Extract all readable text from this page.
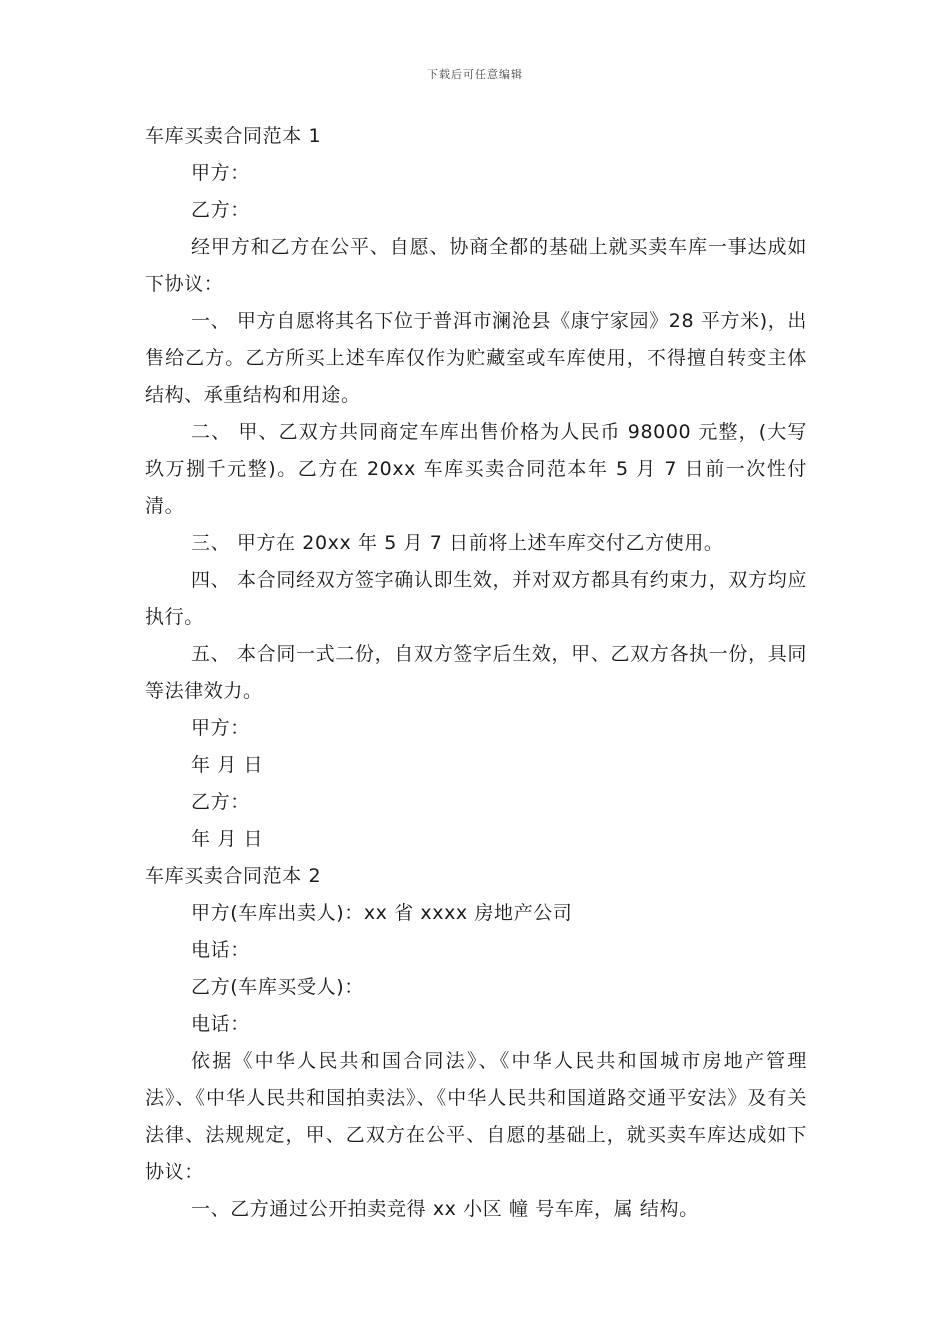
下载后可任意编辑

车库买卖合同范本 1

甲方：

乙方：

经甲方和乙方在公平、自愿、协商全都的基础上就买卖车库一事达成如下协议：

一、 甲方自愿将其名下位于普洱市澜沧县《康宁家园》28 平方米)，出售给乙方。乙方所买上述车库仅作为贮藏室或车库使用，不得擅自转变主体结构、承重结构和用途。

二、 甲、乙双方共同商定车库出售价格为人民币 98000 元整，(大写玖万捌千元整)。乙方在 20xx 车库买卖合同范本年 5 月 7 日前一次性付清。

三、 甲方在 20xx 年 5 月 7 日前将上述车库交付乙方使用。

四、 本合同经双方签字确认即生效，并对双方都具有约束力，双方均应执行。

五、 本合同一式二份，自双方签字后生效，甲、乙双方各执一份，具同等法律效力。

甲方：

年 月 日

乙方：

年 月 日

车库买卖合同范本 2

甲方(车库出卖人)：xx 省 xxxx 房地产公司

电话：

乙方(车库买受人)：

电话：

依据《中华人民共和国合同法》、《中华人民共和国城市房地产管理法》、《中华人民共和国拍卖法》、《中华人民共和国道路交通平安法》及有关法律、法规规定，甲、乙双方在公平、自愿的基础上，就买卖车库达成如下协议：

一、乙方通过公开拍卖竞得 xx 小区 幢 号车库，属 结构。
